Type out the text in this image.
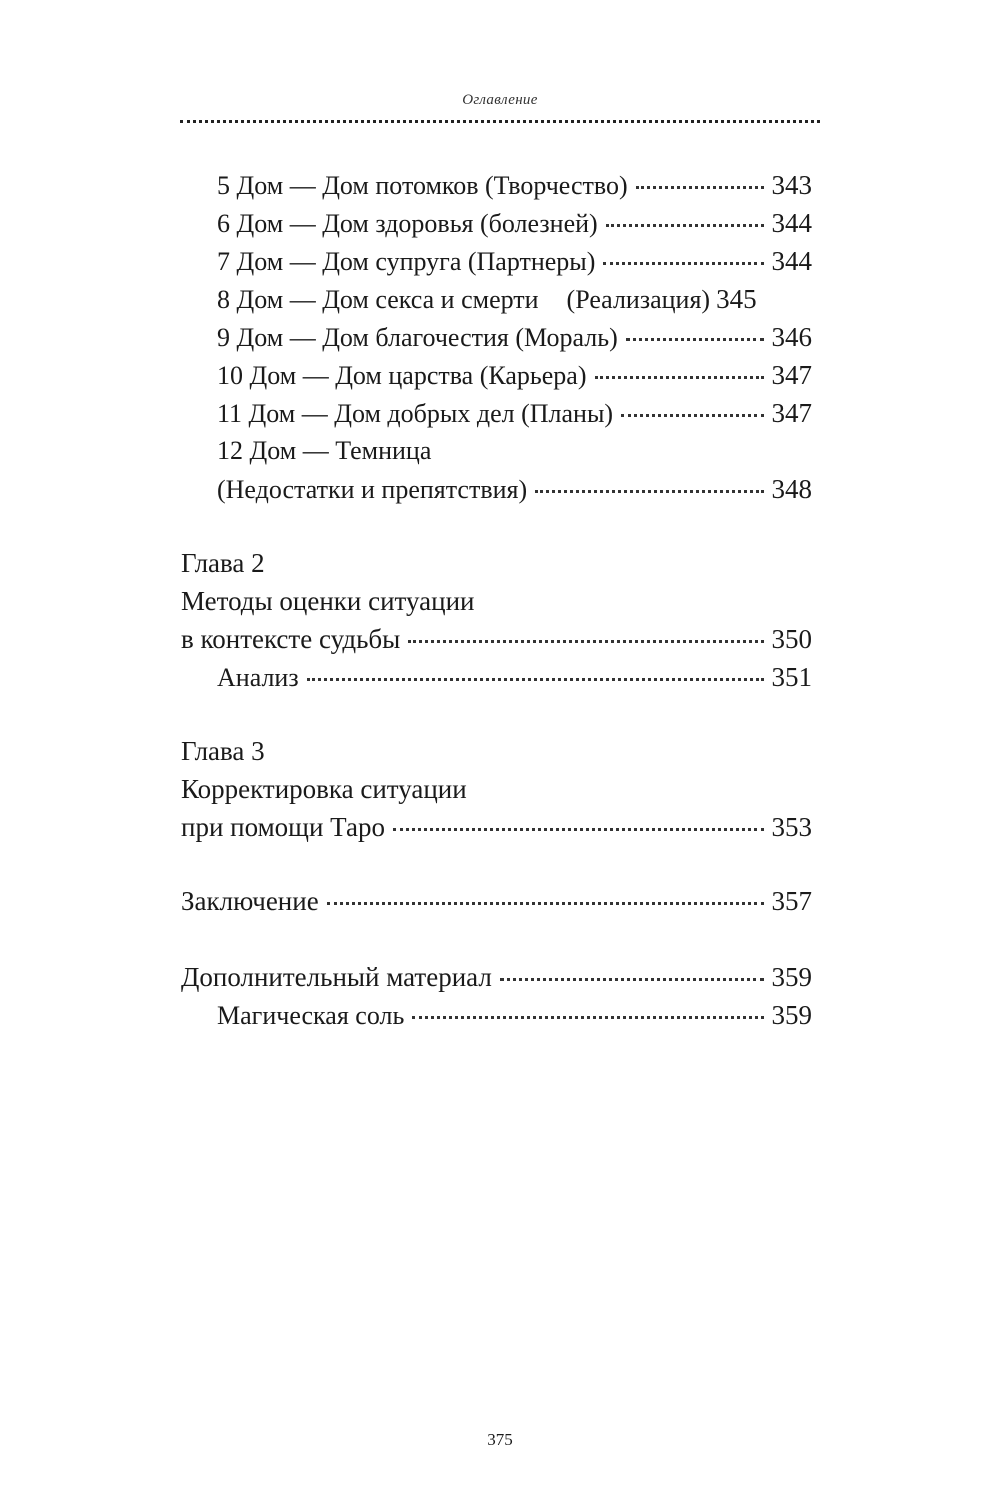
Оглавление
5 Дом — Дом потомков (Творчество)	343
6 Дом — Дом здоровья (болезней)	344
7 Дом — Дом супруга (Партнеры)	344
8 Дом — Дом секса и смерти (Реализация) 345
9 Дом — Дом благочестия (Мораль)	346
10 Дом — Дом царства (Карьера)	347
11 Дом — Дом добрых дел (Планы)	347
12 Дом — Темница
(Недостатки и препятствия)	348
Глава 2
Методы оценки ситуации
в контексте судьбы	350
Анализ	351
Глава 3
Корректировка ситуации
при помощи Таро	353
Заключение	357
Дополнительный материал	359
Магическая соль	359
375
